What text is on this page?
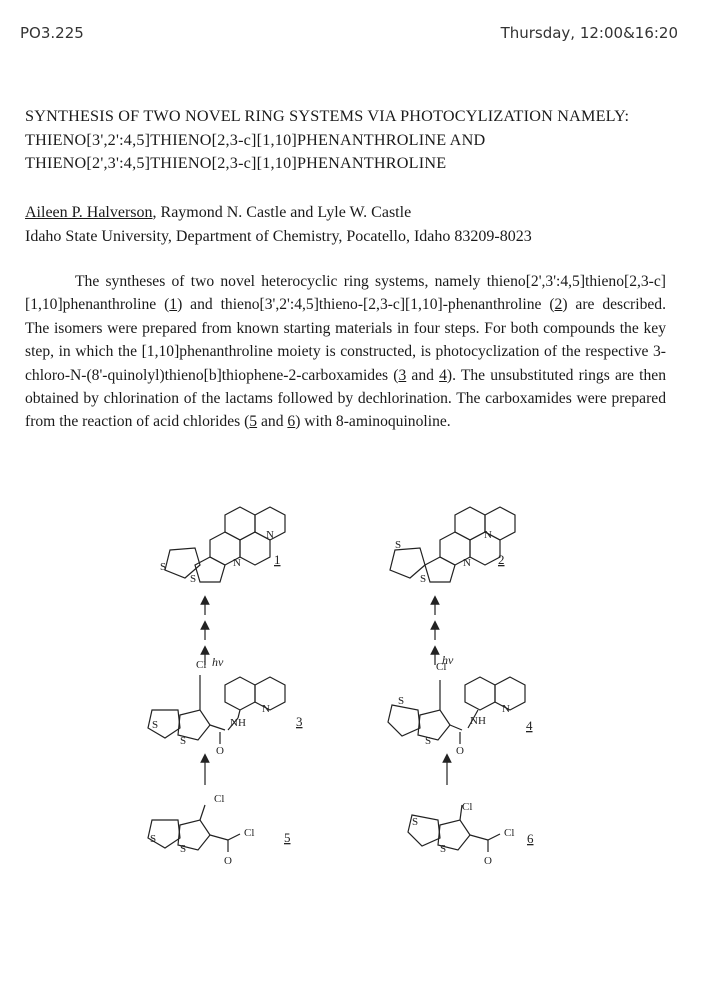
PO3.225	Thursday, 12:00&16:20
SYNTHESIS OF TWO NOVEL RING SYSTEMS VIA PHOTOCYLIZATION NAMELY: THIENO[3',2':4,5]THIENO[2,3-c][1,10]PHENANTHROLINE AND THIENO[2',3':4,5]THIENO[2,3-c][1,10]PHENANTHROLINE
Aileen P. Halverson, Raymond N. Castle and Lyle W. Castle
Idaho State University, Department of Chemistry, Pocatello, Idaho 83209-8023

The syntheses of two novel heterocyclic ring systems, namely thieno[2',3':4,5]thieno[2,3-c][1,10]phenanthroline (1) and thieno[3',2':4,5]thieno-[2,3-c][1,10]-phenanthroline (2) are described. The isomers were prepared from known starting materials in four steps. For both compounds the key step, in which the [1,10]phenanthroline moiety is constructed, is photocyclization of the respective 3-chloro-N-(8'-quinolyl)thieno[b]thiophene-2-carboxamides (3 and 4). The unsubstituted rings are then obtained by chlorination of the lactams followed by dechlorination. The carboxamides were prepared from the reaction of acid chlorides (5 and 6) with 8-aminoquinoline.

N
N
S
S
N
N
S
S
Cl
NH
N
O
S
S
Cl
NH
N
O
S
S
Cl
Cl
O
S
S
Cl
Cl
O
S
S
hν	hν
1	2
3	4
5	6
